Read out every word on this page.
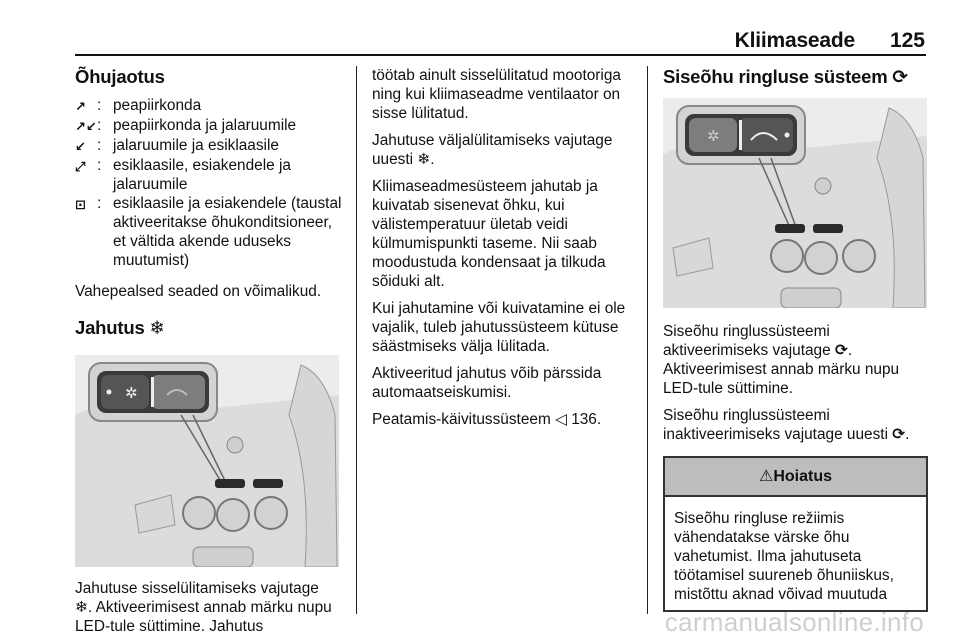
Kliimaseade 125
Õhujaotus
↗ : peapiirkonda
↗↙ : peapiirkonda ja jalaruumile
↙ : jalaruumile ja esiklaasile
⤢ : esiklaasile, esiakendele ja jalaruumile
⊡ : esiklaasile ja esiakendele (taustal aktiveeritakse õhukonditsioneer, et vältida akende uduseks muutumist)

Vahepealsed seaded on võimalikud.

Jahutus ❄
✲

Jahutuse sisselülitamiseks vajutage
❄. Aktiveerimisest annab märku nupu LED-tule süttimine. Jahutus

töötab ainult sisselülitatud mootoriga ning kui kliimaseadme ventilaator on sisse lülitatud.

Jahutuse väljalülitamiseks vajutage uuesti ❄.

Kliimaseadmesüsteem jahutab ja kuivatab sisenevat õhku, kui välistemperatuur ületab veidi külmumispunkti taseme. Nii saab moodustuda kondensaat ja tilkuda sõiduki alt.

Kui jahutamine või kuivatamine ei ole vajalik, tuleb jahutussüsteem kütuse säästmiseks välja lülitada.

Aktiveeritud jahutus võib pärssida automaatseiskumisi.

Peatamis-käivitussüsteem ◁ 136.

Siseõhu ringluse süsteem ⟳
✲

Siseõhu ringlussüsteemi aktiveerimiseks vajutage ⟳. Aktiveerimisest annab märku nupu LED-tule süttimine.

Siseõhu ringlussüsteemi inaktiveerimiseks vajutage uuesti ⟳.

⚠Hoiatus
Siseõhu ringluse režiimis vähendatakse värske õhu vahetumist. Ilma jahutuseta töötamisel suureneb õhuniiskus, mistõttu aknad võivad muutuda
carmanualsonline.info
